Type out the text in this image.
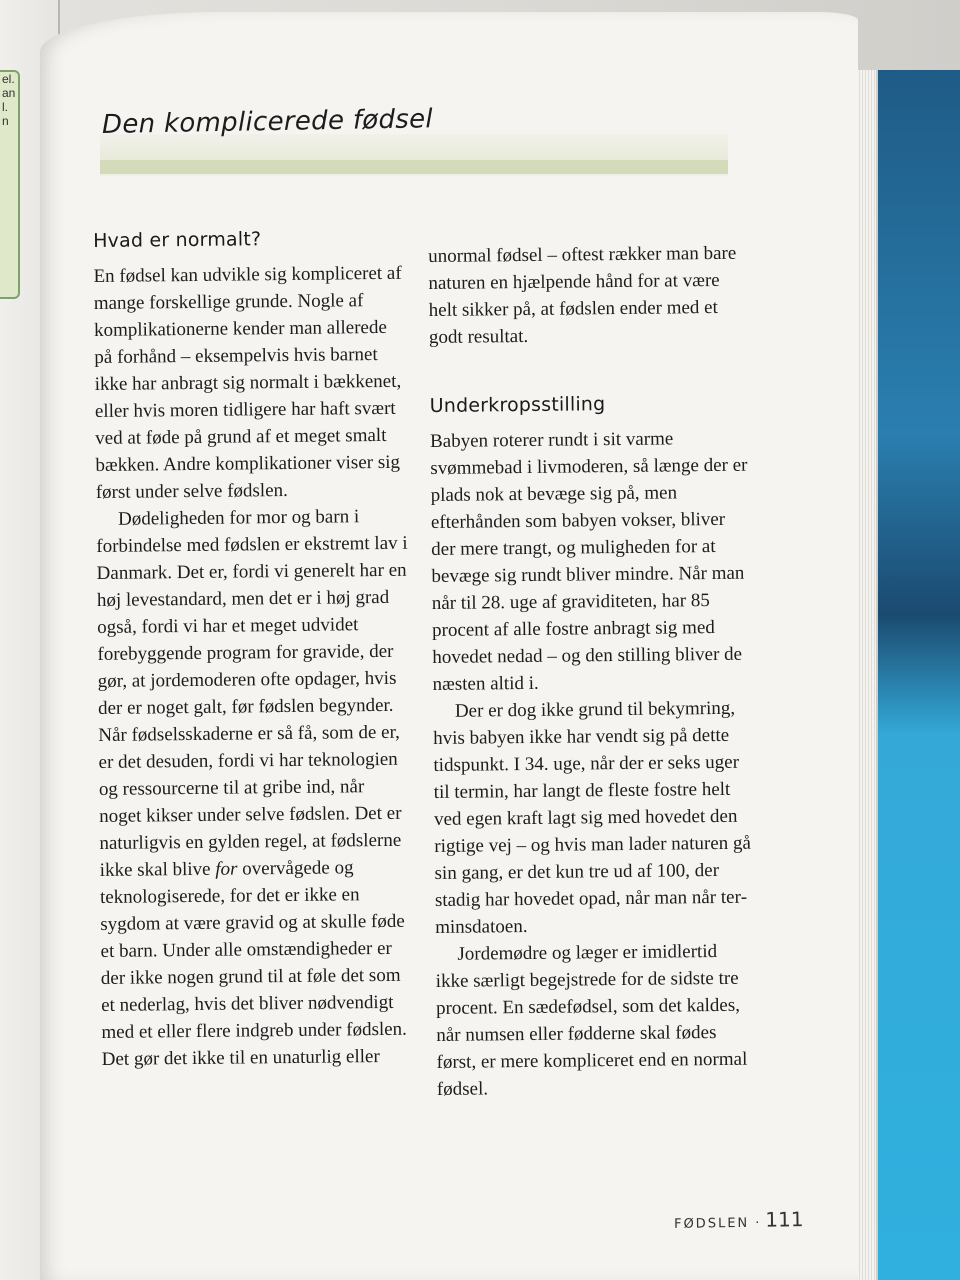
el.
an
l.
n	Den komplicerede fødsel
Hvad er normalt?

En fødsel kan udvikle sig kompliceret af mange forskellige grunde. Nogle af komplikationerne kender man allerede på forhånd – eksempelvis hvis barnet ikke har anbragt sig normalt i bækkenet, eller hvis moren tidligere har haft svært ved at føde på grund af et meget smalt bækken. Andre komplikationer viser sig først under selve fødslen.

Dødeligheden for mor og barn i forbindelse med fødslen er ekstremt lav i Danmark. Det er, fordi vi generelt har en høj levestandard, men det er i høj grad også, fordi vi har et meget udvidet forebyggende program for gravide, der gør, at jordemoderen ofte opdager, hvis der er noget galt, før fødslen begynder. Når fødselsskaderne er så få, som de er, er det desuden, fordi vi har teknologien og ressourcerne til at gribe ind, når noget kikser under selve fødslen. Det er naturligvis en gylden regel, at fødslerne ikke skal blive for overvågede og teknologiserede, for det er ikke en sygdom at være gravid og at skulle føde et barn. Under alle omstændigheder er der ikke nogen grund til at føle det som et nederlag, hvis det bliver nødvendigt med et eller flere indgreb under fødslen. Det gør det ikke til en unaturlig eller

unormal fødsel – oftest rækker man bare naturen en hjælpende hånd for at være helt sikker på, at fødslen ender med et godt resultat.

Underkropsstilling

Babyen roterer rundt i sit varme svømmebad i livmoderen, så længe der er plads nok at bevæge sig på, men efterhånden som babyen vokser, bliver der mere trangt, og muligheden for at bevæge sig rundt bliver mindre. Når man når til 28. uge af graviditeten, har 85 procent af alle fostre anbragt sig med hovedet nedad – og den stilling bliver de næsten altid i.

Der er dog ikke grund til bekymring, hvis babyen ikke har vendt sig på dette tidspunkt. I 34. uge, når der er seks uger til termin, har langt de fleste fostre helt ved egen kraft lagt sig med hovedet den rigtige vej – og hvis man lader naturen gå sin gang, er det kun tre ud af 100, der stadig har hovedet opad, når man når terminsdatoen.

Jordemødre og læger er imidlertid ikke særligt begejstrede for de sidste tre procent. En sædefødsel, som det kaldes, når numsen eller fødderne skal fødes først, er mere kompliceret end en normal fødsel.

FØDSLEN · 111
